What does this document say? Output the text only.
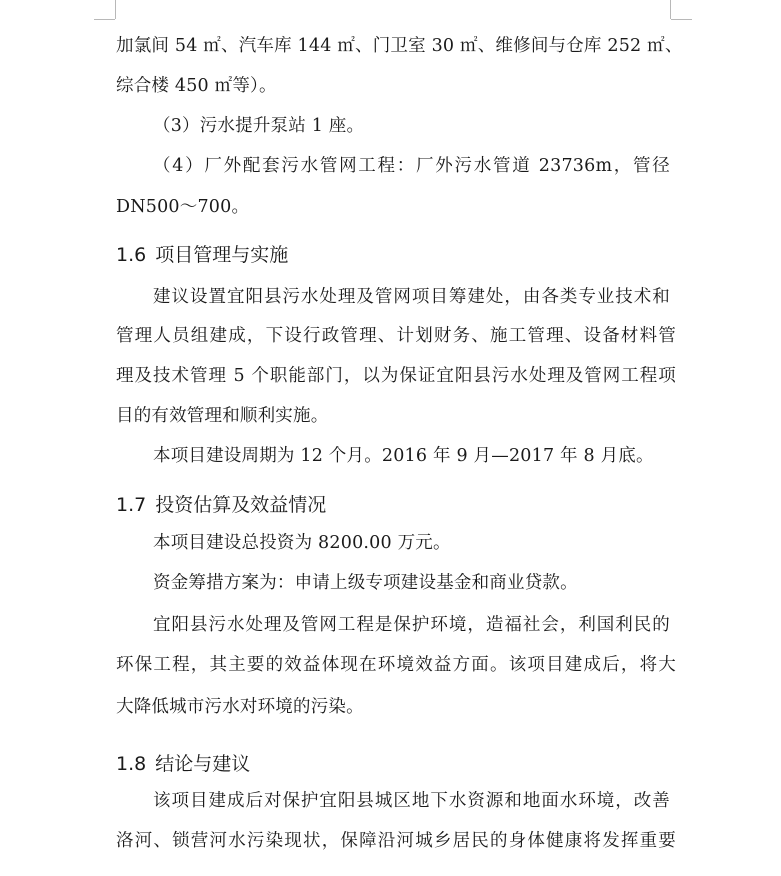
加氯间 54 ㎡、汽车库 144 ㎡、门卫室 30 ㎡、维修间与仓库 252 ㎡、
综合楼 450 ㎡等）。
（3）污水提升泵站 1 座。
（4）厂外配套污水管网工程：厂外污水管道 23736m，管径
DN500～700。
1.6 项目管理与实施
建议设置宜阳县污水处理及管网项目筹建处，由各类专业技术和
管理人员组建成，下设行政管理、计划财务、施工管理、设备材料管
理及技术管理 5 个职能部门，以为保证宜阳县污水处理及管网工程项
目的有效管理和顺利实施。
本项目建设周期为 12 个月。2016 年 9 月—2017 年 8 月底。
1.7 投资估算及效益情况
本项目建设总投资为 8200.00 万元。
资金筹措方案为：申请上级专项建设基金和商业贷款。
宜阳县污水处理及管网工程是保护环境，造福社会，利国利民的
环保工程，其主要的效益体现在环境效益方面。该项目建成后，将大
大降低城市污水对环境的污染。
1.8 结论与建议
该项目建成后对保护宜阳县城区地下水资源和地面水环境，改善
洛河、锁营河水污染现状，保障沿河城乡居民的身体健康将发挥重要
